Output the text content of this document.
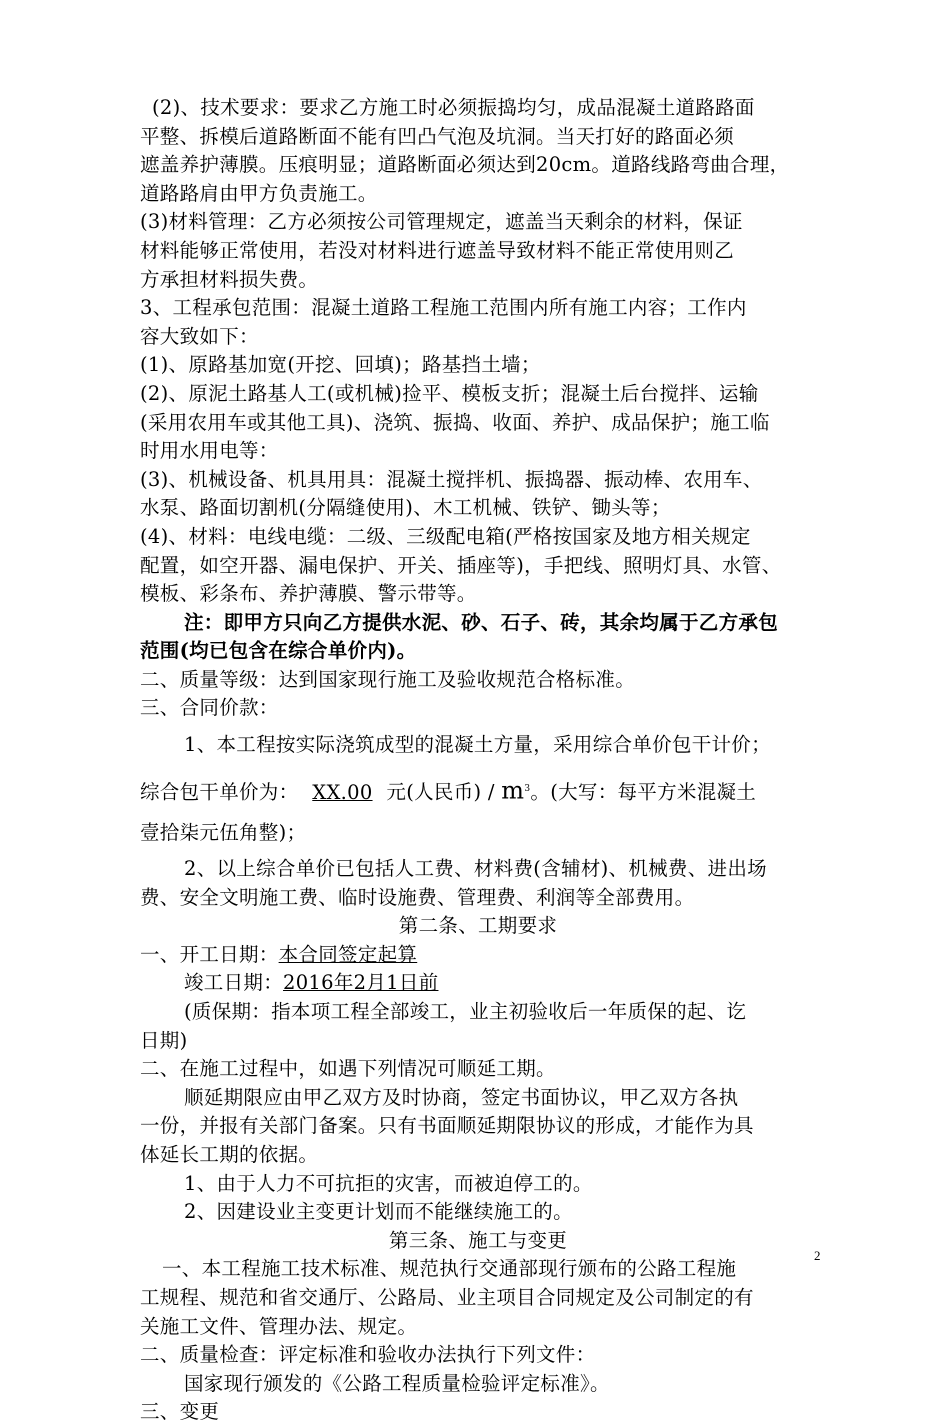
(2)、技术要求：要求乙方施工时必须振捣均匀，成品混凝土道路路面
平整、拆模后道路断面不能有凹凸气泡及坑洞。当天打好的路面必须
遮盖养护薄膜。压痕明显；道路断面必须达到20cm。道路线路弯曲合理，
道路路肩由甲方负责施工。
(3)材料管理：乙方必须按公司管理规定，遮盖当天剩余的材料，保证
材料能够正常使用，若没对材料进行遮盖导致材料不能正常使用则乙
方承担材料损失费。
3、工程承包范围：混凝土道路工程施工范围内所有施工内容；工作内
容大致如下：
(1)、原路基加宽(开挖、回填)；路基挡土墙；
(2)、原泥土路基人工(或机械)捡平、模板支折；混凝土后台搅拌、运输
(采用农用车或其他工具)、浇筑、振捣、收面、养护、成品保护；施工临
时用水用电等：
(3)、机械设备、机具用具：混凝土搅拌机、振捣器、振动棒、农用车、
水泵、路面切割机(分隔缝使用)、木工机械、铁铲、锄头等；
(4)、材料：电线电缆：二级、三级配电箱(严格按国家及地方相关规定
配置，如空开器、漏电保护、开关、插座等)，手把线、照明灯具、水管、
模板、彩条布、养护薄膜、警示带等。
注：即甲方只向乙方提供水泥、砂、石子、砖，其余均属于乙方承包
范围(均已包含在综合单价内)。
二、质量等级：达到国家现行施工及验收规范合格标准。
三、合同价款：
1、本工程按实际浇筑成型的混凝土方量，采用综合单价包干计价；
综合包干单价为： XX.00 元(人民币) / $m^3$。(大写：每平方米混凝土
壹拾柒元伍角整)；
2、以上综合单价已包括人工费、材料费(含辅材)、机械费、进出场
费、安全文明施工费、临时设施费、管理费、利润等全部费用。
第二条、工期要求
一、开工日期：本合同签定起算
竣工日期：2016年2月1日前
(质保期：指本项工程全部竣工，业主初验收后一年质保的起、讫
日期)
二、在施工过程中，如遇下列情况可顺延工期。
顺延期限应由甲乙双方及时协商，签定书面协议，甲乙双方各执
一份，并报有关部门备案。只有书面顺延期限协议的形成，才能作为具
体延长工期的依据。
1、由于人力不可抗拒的灾害，而被迫停工的。
2、因建设业主变更计划而不能继续施工的。
第三条、施工与变更
一、本工程施工技术标准、规范执行交通部现行颁布的公路工程施
工规程、规范和省交通厅、公路局、业主项目合同规定及公司制定的有
关施工文件、管理办法、规定。
二、质量检查：评定标准和验收办法执行下列文件：
国家现行颁发的《公路工程质量检验评定标准》。
三、变更
2
